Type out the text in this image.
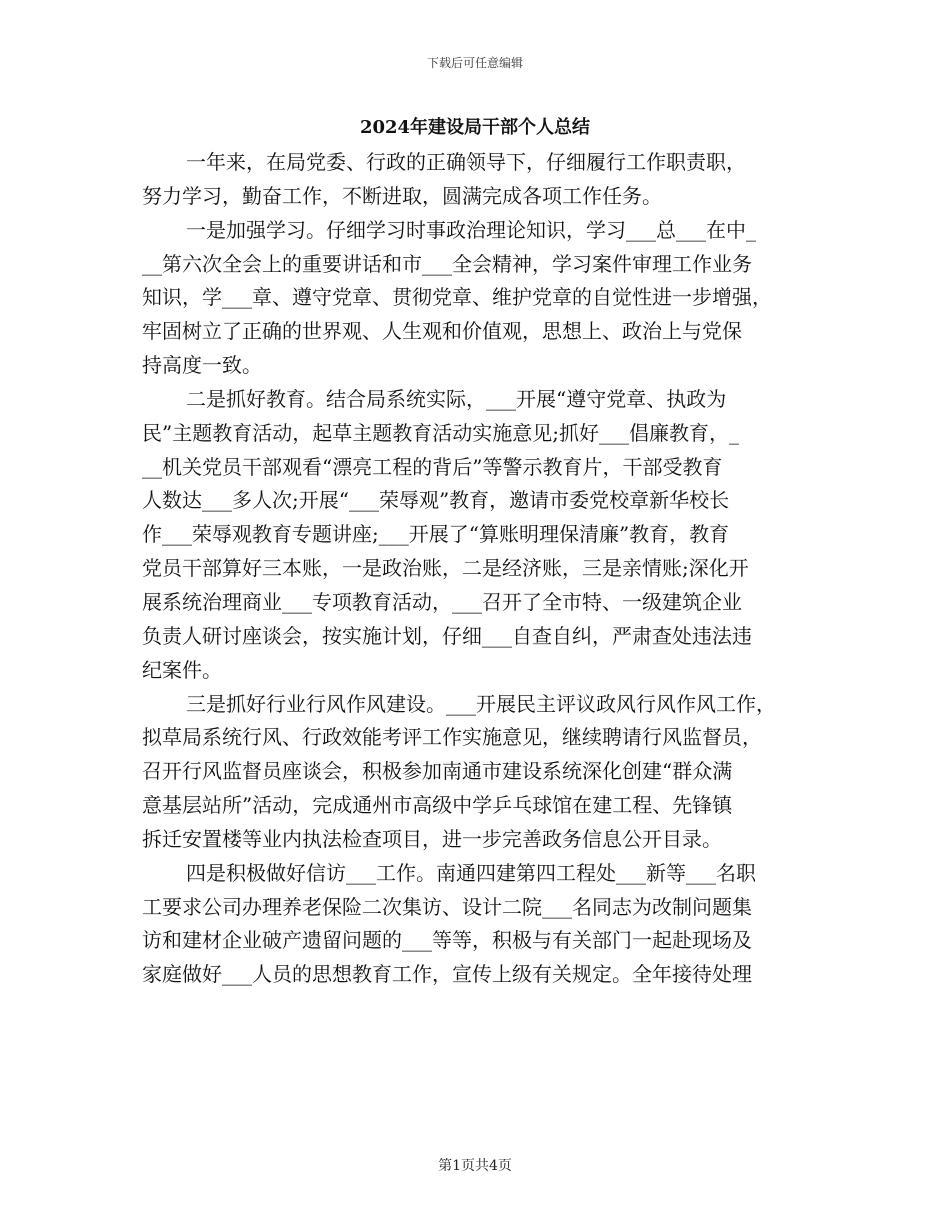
下载后可任意编辑
2024年建设局干部个人总结
一年来，在局党委、行政的正确领导下，仔细履行工作职责职，
努力学习，勤奋工作，不断进取，圆满完成各项工作任务。
一是加强学习。仔细学习时事政治理论知识，学习___总___在中_
__第六次全会上的重要讲话和市___全会精神，学习案件审理工作业务
知识，学___章、遵守党章、贯彻党章、维护党章的自觉性进一步增强，
牢固树立了正确的世界观、人生观和价值观，思想上、政治上与党保
持高度一致。
二是抓好教育。结合局系统实际，___开展“遵守党章、执政为
民”主题教育活动，起草主题教育活动实施意见;抓好___倡廉教育，_
__机关党员干部观看“漂亮工程的背后”等警示教育片，干部受教育
人数达___多人次;开展“___荣辱观”教育，邀请市委党校章新华校长
作___荣辱观教育专题讲座;___开展了“算账明理保清廉”教育，教育
党员干部算好三本账，一是政治账，二是经济账，三是亲情账;深化开
展系统治理商业___专项教育活动，___召开了全市特、一级建筑企业
负责人研讨座谈会，按实施计划，仔细___自查自纠，严肃查处违法违
纪案件。
三是抓好行业行风作风建设。___开展民主评议政风行风作风工作，
拟草局系统行风、行政效能考评工作实施意见，继续聘请行风监督员，
召开行风监督员座谈会，积极参加南通市建设系统深化创建“群众满
意基层站所”活动，完成通州市高级中学乒乓球馆在建工程、先锋镇
拆迁安置楼等业内执法检查项目，进一步完善政务信息公开目录。
四是积极做好信访___工作。南通四建第四工程处___新等___名职
工要求公司办理养老保险二次集访、设计二院___名同志为改制问题集
访和建材企业破产遗留问题的___等等，积极与有关部门一起赴现场及
家庭做好___人员的思想教育工作，宣传上级有关规定。全年接待处理
第1页共4页
